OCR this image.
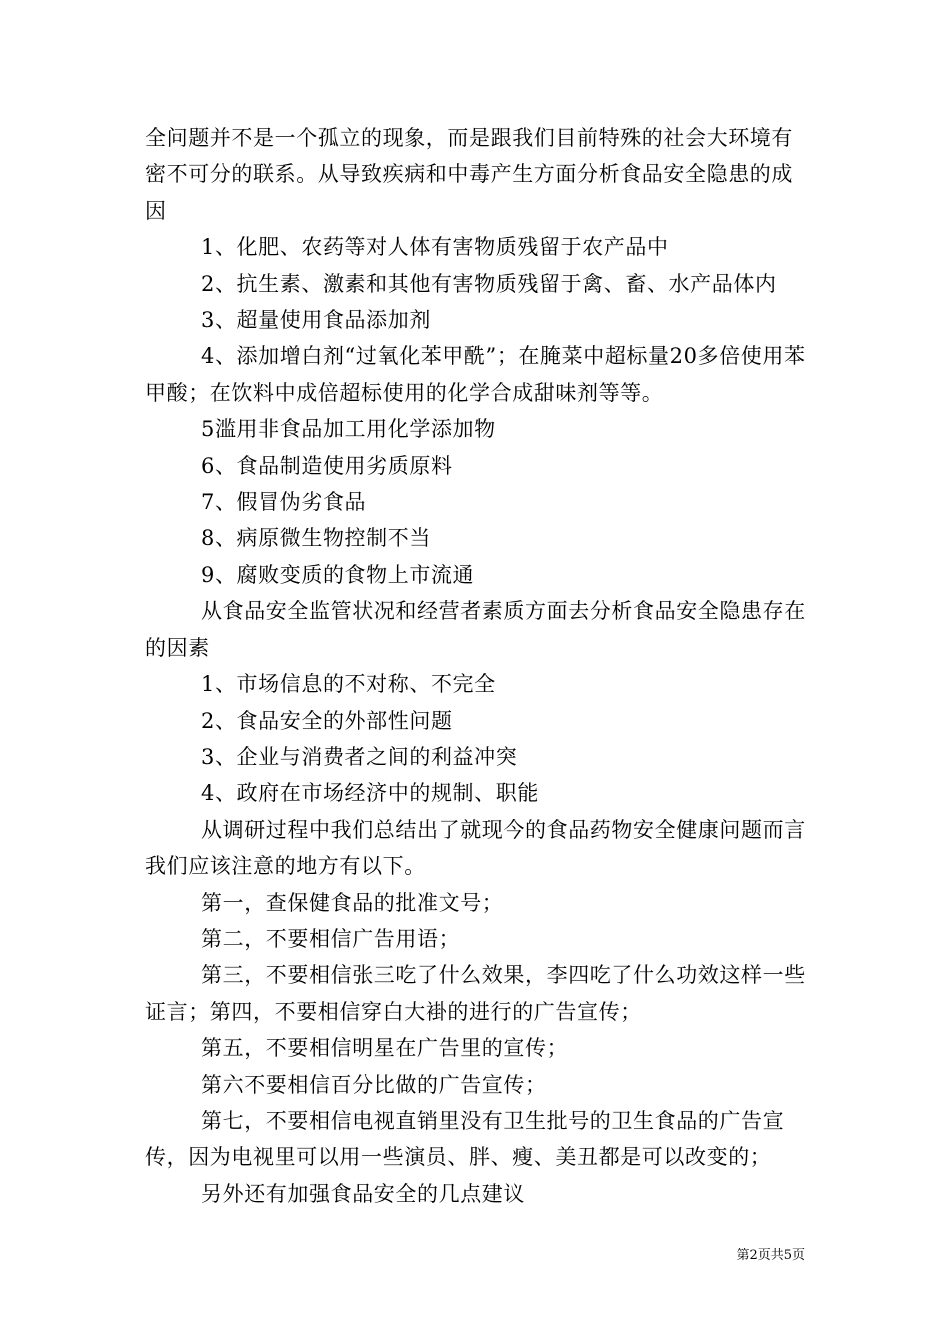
全问题并不是一个孤立的现象，而是跟我们目前特殊的社会大环境有密不可分的联系。从导致疾病和中毒产生方面分析食品安全隐患的成因

1、化肥、农药等对人体有害物质残留于农产品中

2、抗生素、激素和其他有害物质残留于禽、畜、水产品体内

3、超量使用食品添加剂

4、添加增白剂“过氧化苯甲酰”；在腌菜中超标量20多倍使用苯甲酸；在饮料中成倍超标使用的化学合成甜味剂等等。

5滥用非食品加工用化学添加物

6、食品制造使用劣质原料

7、假冒伪劣食品

8、病原微生物控制不当

9、腐败变质的食物上市流通

从食品安全监管状况和经营者素质方面去分析食品安全隐患存在的因素

1、市场信息的不对称、不完全

2、食品安全的外部性问题

3、企业与消费者之间的利益冲突

4、政府在市场经济中的规制、职能

从调研过程中我们总结出了就现今的食品药物安全健康问题而言我们应该注意的地方有以下。

第一，查保健食品的批准文号；

第二，不要相信广告用语；

第三，不要相信张三吃了什么效果，李四吃了什么功效这样一些证言；第四，不要相信穿白大褂的进行的广告宣传；

第五，不要相信明星在广告里的宣传；

第六不要相信百分比做的广告宣传；

第七，不要相信电视直销里没有卫生批号的卫生食品的广告宣传，因为电视里可以用一些演员、胖、瘦、美丑都是可以改变的；

另外还有加强食品安全的几点建议

第2页共5页
